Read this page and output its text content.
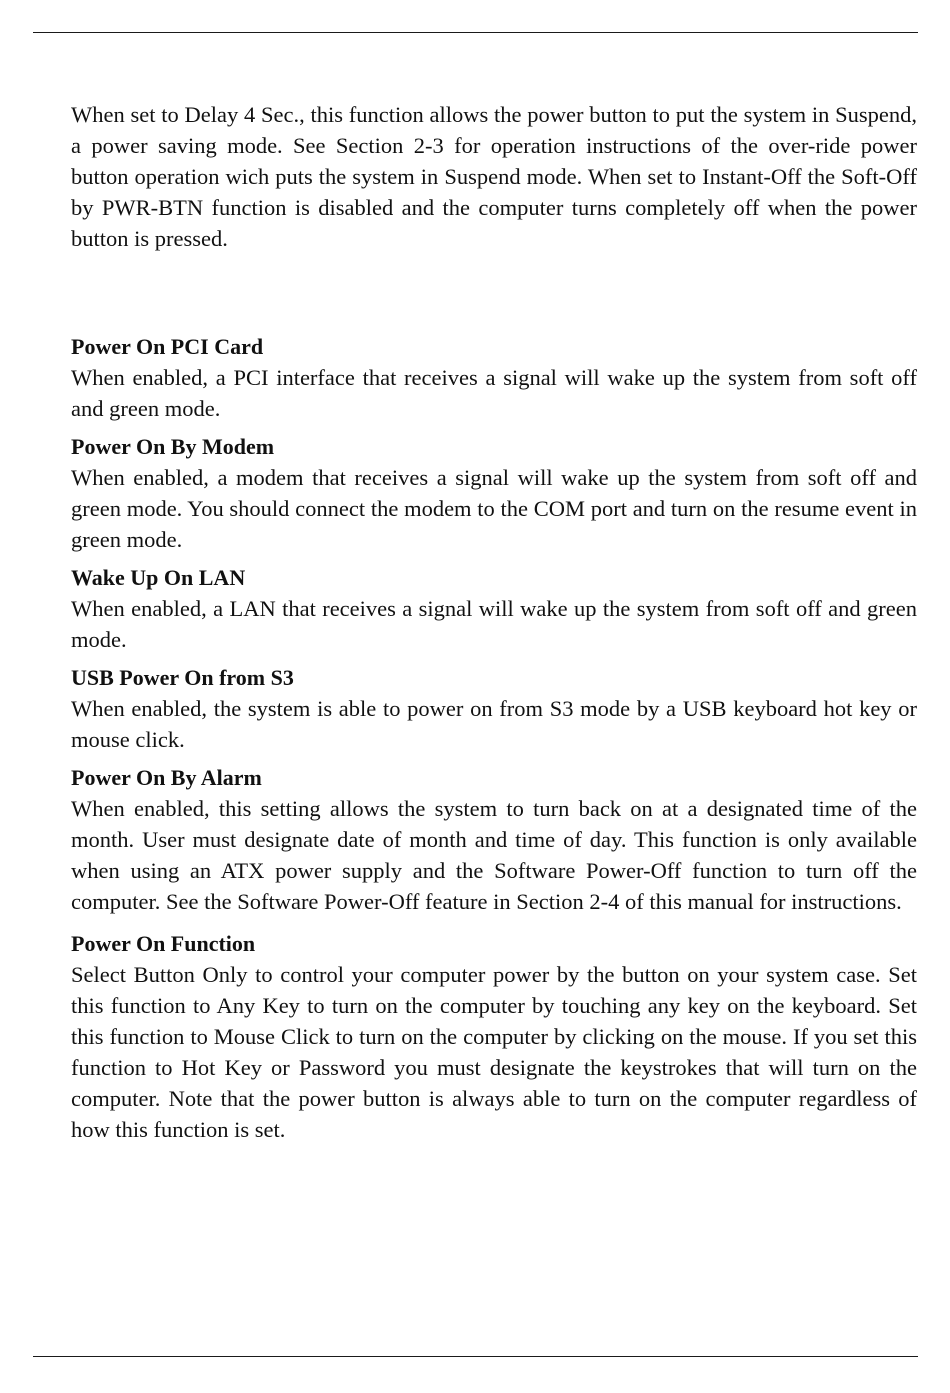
When set to Delay 4 Sec., this function allows the power button to put the system in Suspend, a power saving mode. See Section 2-3 for operation instructions of the over-ride power button operation wich puts the system in Suspend mode. When set to Instant-Off the Soft-Off by PWR-BTN function is disabled and the computer turns completely off when the power button is pressed.

Power On PCI Card

When enabled, a PCI interface that receives a signal will wake up the system from soft off and green mode.

Power On By Modem

When enabled, a modem that receives a signal will wake up the system from soft off and green mode. You should connect the modem to the COM port and turn on the resume event in green mode.

Wake Up On LAN

When enabled, a LAN that receives a signal will wake up the system from soft off and green mode.

USB Power On from S3

When enabled, the system is able to power on from S3 mode by a USB keyboard hot key or mouse click.

Power On By Alarm

When enabled, this setting allows the system to turn back on at a designated time of the month. User must designate date of month and time of day. This function is only available when using an ATX power supply and the Software Power-Off function to turn off the computer. See the Software Power-Off feature in Section 2-4 of this manual for instructions.

Power On Function

Select Button Only to control your computer power by the button on your system case. Set this function to Any Key to turn on the computer by touching any key on the keyboard. Set this function to Mouse Click to turn on the computer by clicking on the mouse. If you set this function to Hot Key or Password you must designate the keystrokes that will turn on the computer. Note that the power button is always able to turn on the computer regardless of how this function is set.
